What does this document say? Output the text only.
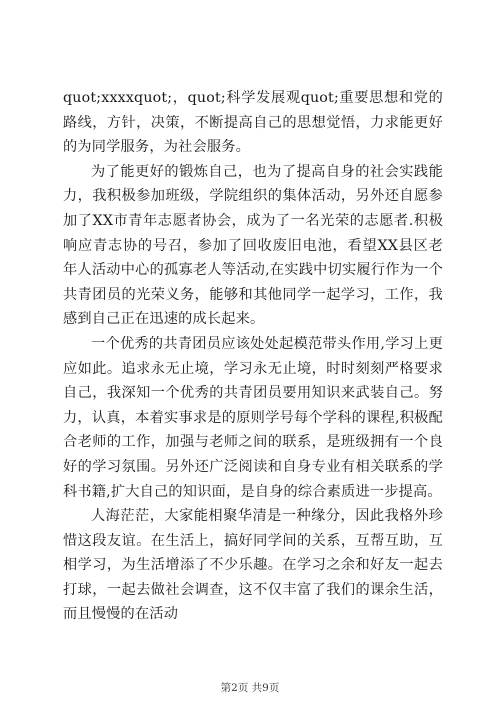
quot;xxxxquot;，quot;科学发展观quot;重要思想和党的路线，方针，决策，不断提高自己的思想觉悟，力求能更好的为同学服务，为社会服务。

为了能更好的锻炼自己，也为了提高自身的社会实践能力，我积极参加班级，学院组织的集体活动，另外还自愿参加了XX市青年志愿者协会，成为了一名光荣的志愿者.积极响应青志协的号召，参加了回收废旧电池，看望XX县区老年人活动中心的孤寡老人等活动,在实践中切实履行作为一个共青团员的光荣义务，能够和其他同学一起学习，工作，我感到自己正在迅速的成长起来。

一个优秀的共青团员应该处处起模范带头作用,学习上更应如此。追求永无止境，学习永无止境，时时刻刻严格要求自己，我深知一个优秀的共青团员要用知识来武装自己。努力，认真，本着实事求是的原则学号每个学科的课程,积极配合老师的工作，加强与老师之间的联系，是班级拥有一个良好的学习氛围。另外还广泛阅读和自身专业有相关联系的学科书籍,扩大自己的知识面，是自身的综合素质进一步提高。

人海茫茫，大家能相聚华清是一种缘分，因此我格外珍惜这段友谊。在生活上，搞好同学间的关系，互帮互助，互相学习，为生活增添了不少乐趣。在学习之余和好友一起去打球，一起去做社会调查，这不仅丰富了我们的课余生活，而且慢慢的在活动

第2页 共9页
